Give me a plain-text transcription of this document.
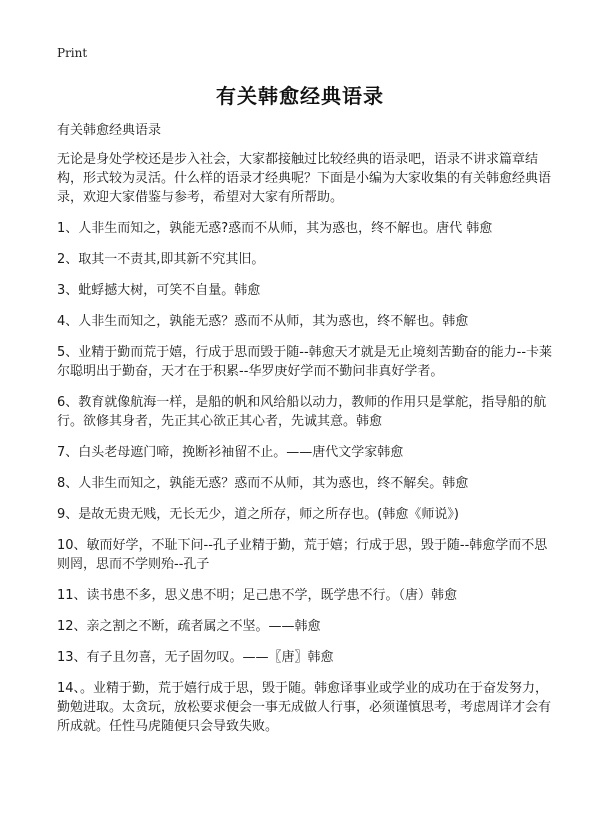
Print
有关韩愈经典语录

有关韩愈经典语录

无论是身处学校还是步入社会，大家都接触过比较经典的语录吧，语录不讲求篇章结构，形式较为灵活。什么样的语录才经典呢？下面是小编为大家收集的有关韩愈经典语录，欢迎大家借鉴与参考，希望对大家有所帮助。

1、人非生而知之，孰能无惑?惑而不从师，其为惑也，终不解也。唐代 韩愈

2、取其一不责其,即其新不究其旧。

3、蚍蜉撼大树，可笑不自量。韩愈

4、人非生而知之，孰能无惑？惑而不从师，其为惑也，终不解也。韩愈

5、业精于勤而荒于嬉，行成于思而毁于随--韩愈天才就是无止境刻苦勤奋的能力--卡莱尔聪明出于勤奋，天才在于积累--华罗庚好学而不勤问非真好学者。

6、教育就像航海一样，是船的帆和风给船以动力，教师的作用只是掌舵，指导船的航行。欲修其身者，先正其心欲正其心者，先诚其意。韩愈

7、白头老母遮门啼，挽断衫袖留不止。——唐代文学家韩愈

8、人非生而知之，孰能无惑？惑而不从师，其为惑也，终不解矣。韩愈

9、是故无贵无贱，无长无少，道之所存，师之所存也。(韩愈《师说》)

10、敏而好学，不耻下问--孔子业精于勤，荒于嬉；行成于思，毁于随--韩愈学而不思则罔，思而不学则殆--孔子

11、读书患不多，思义患不明；足己患不学，既学患不行。（唐）韩愈

12、亲之割之不断，疏者属之不坚。——韩愈

13、有子且勿喜，无子固勿叹。——〖唐〗韩愈

14、。业精于勤，荒于嬉行成于思，毁于随。韩愈译事业或学业的成功在于奋发努力，勤勉进取。太贪玩，放松要求便会一事无成做人行事，必须谨慎思考，考虑周详才会有所成就。任性马虎随便只会导致失败。
